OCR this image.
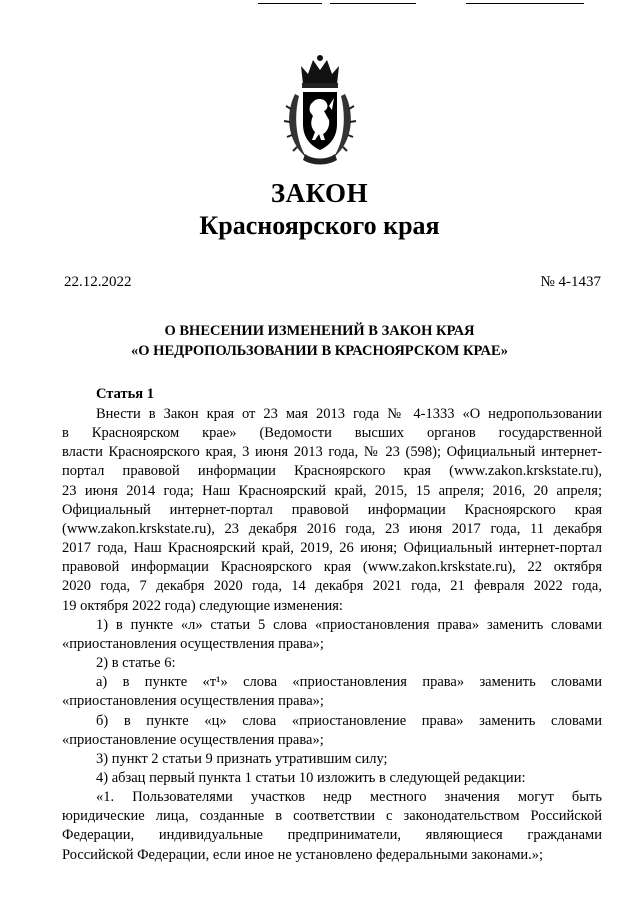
ЗАКОН
Красноярского края
22.12.2022	№ 4-1437
О ВНЕСЕНИИ ИЗМЕНЕНИЙ В ЗАКОН КРАЯ
«О НЕДРОПОЛЬЗОВАНИИ В КРАСНОЯРСКОМ КРАЕ»
Статья 1
Внести в Закон края от 23 мая 2013 года № 4-1333 «О недропользовании
в Красноярском крае» (Ведомости высших органов государственной
власти Красноярского края, 3 июня 2013 года, № 23 (598); Официальный интернет-
портал правовой информации Красноярского края (www.zakon.krskstate.ru),
23 июня 2014 года; Наш Красноярский край, 2015, 15 апреля; 2016, 20 апреля;
Официальный интернет-портал правовой информации Красноярского края
(www.zakon.krskstate.ru), 23 декабря 2016 года, 23 июня 2017 года, 11 декабря
2017 года, Наш Красноярский край, 2019, 26 июня; Официальный интернет-портал
правовой информации Красноярского края (www.zakon.krskstate.ru), 22 октября
2020 года, 7 декабря 2020 года, 14 декабря 2021 года, 21 февраля 2022 года,
19 октября 2022 года) следующие изменения:
1) в пункте «л» статьи 5 слова «приостановления права» заменить словами
«приостановления осуществления права»;
2) в статье 6:
а) в пункте «т¹» слова «приостановления права» заменить словами
«приостановления осуществления права»;
б) в пункте «ц» слова «приостановление права» заменить словами
«приостановление осуществления права»;
3) пункт 2 статьи 9 признать утратившим силу;
4) абзац первый пункта 1 статьи 10 изложить в следующей редакции:
«1. Пользователями участков недр местного значения могут быть
юридические лица, созданные в соответствии с законодательством Российской
Федерации, индивидуальные предприниматели, являющиеся гражданами
Российской Федерации, если иное не установлено федеральными законами.»;
